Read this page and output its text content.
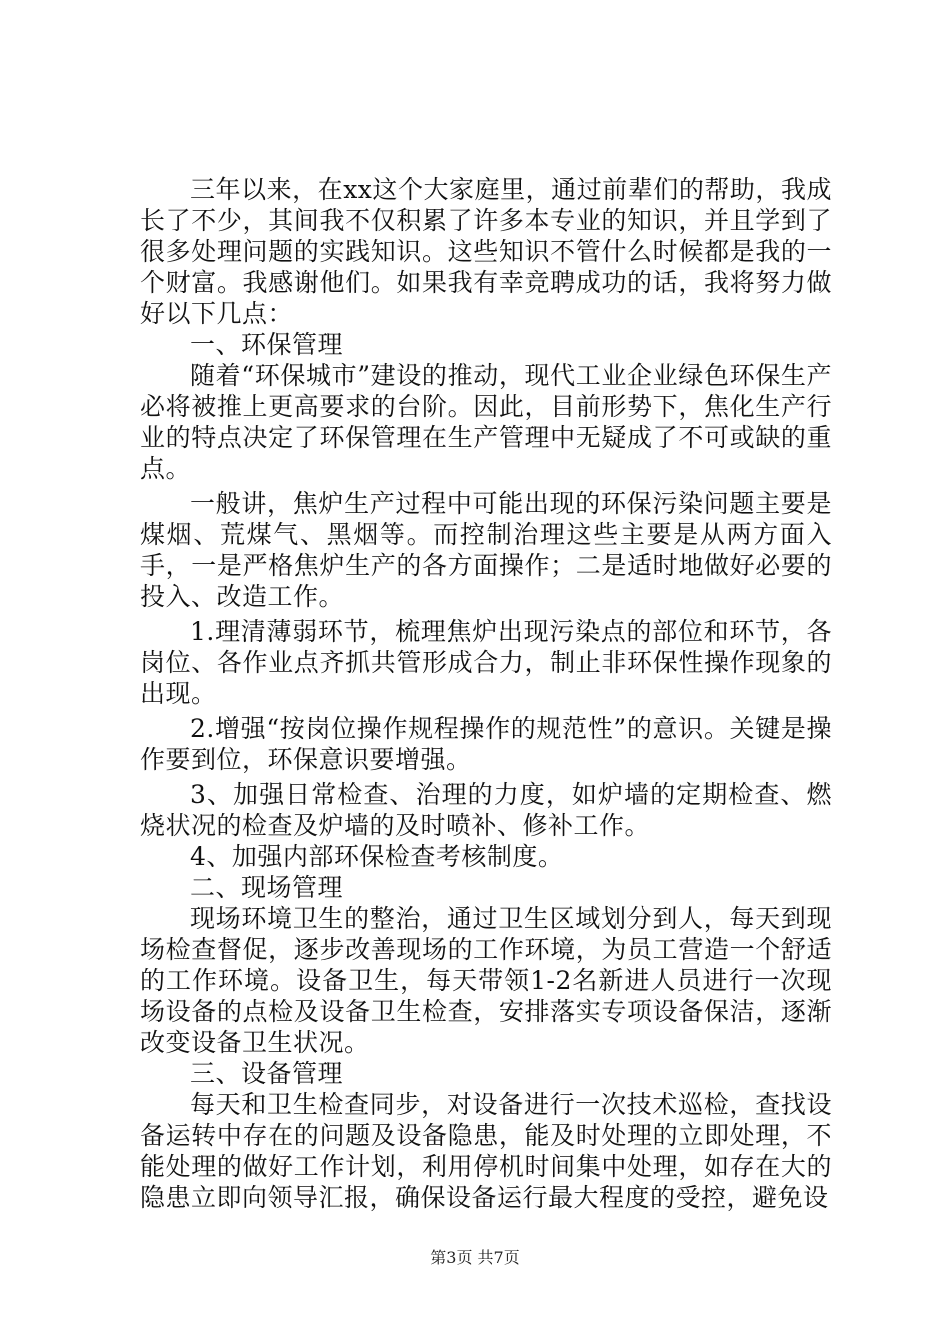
三年以来，在xx这个大家庭里，通过前辈们的帮助，我成长了不少，其间我不仅积累了许多本专业的知识，并且学到了很多处理问题的实践知识。这些知识不管什么时候都是我的一个财富。我感谢他们。如果我有幸竞聘成功的话，我将努力做好以下几点：

一、环保管理

随着“环保城市”建设的推动，现代工业企业绿色环保生产必将被推上更高要求的台阶。因此，目前形势下，焦化生产行业的特点决定了环保管理在生产管理中无疑成了不可或缺的重点。

一般讲，焦炉生产过程中可能出现的环保污染问题主要是煤烟、荒煤气、黑烟等。而控制治理这些主要是从两方面入手，一是严格焦炉生产的各方面操作；二是适时地做好必要的投入、改造工作。

1.理清薄弱环节，梳理焦炉出现污染点的部位和环节，各岗位、各作业点齐抓共管形成合力，制止非环保性操作现象的出现。

2.增强“按岗位操作规程操作的规范性”的意识。关键是操作要到位，环保意识要增强。

3、加强日常检查、治理的力度，如炉墙的定期检查、燃烧状况的检查及炉墙的及时喷补、修补工作。

4、加强内部环保检查考核制度。

二、现场管理

现场环境卫生的整治，通过卫生区域划分到人，每天到现场检查督促，逐步改善现场的工作环境，为员工营造一个舒适的工作环境。设备卫生，每天带领1-2名新进人员进行一次现场设备的点检及设备卫生检查，安排落实专项设备保洁，逐渐改变设备卫生状况。

三、设备管理

每天和卫生检查同步，对设备进行一次技术巡检，查找设备运转中存在的问题及设备隐患，能及时处理的立即处理，不能处理的做好工作计划，利用停机时间集中处理，如存在大的隐患立即向领导汇报，确保设备运行最大程度的受控，避免设

第3页 共7页
